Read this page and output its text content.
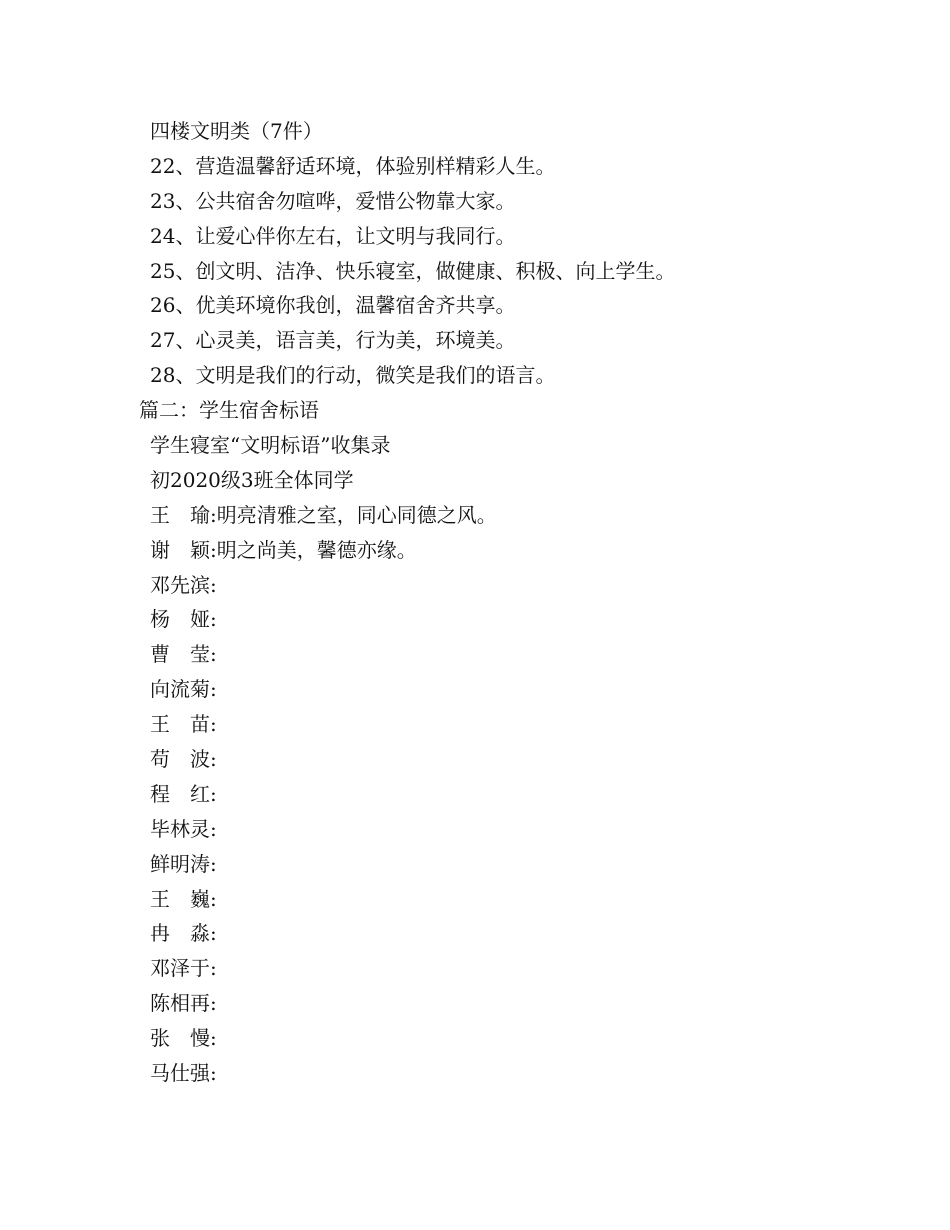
四楼文明类（7件）
22、营造温馨舒适环境，体验别样精彩人生。
23、公共宿舍勿喧哗，爱惜公物靠大家。
24、让爱心伴你左右，让文明与我同行。
25、创文明、洁净、快乐寝室，做健康、积极、向上学生。
26、优美环境你我创，温馨宿舍齐共享。
27、心灵美，语言美，行为美，环境美。
28、文明是我们的行动，微笑是我们的语言。
篇二：学生宿舍标语
学生寝室“文明标语”收集录
初2020级3班全体同学
王　瑜:明亮清雅之室，同心同德之风。
谢　颖:明之尚美，馨德亦缘。
邓先滨:
杨　娅:
曹　莹:
向流菊:
王　苗:
苟　波:
程　红:
毕林灵:
鲜明涛:
王　巍:
冉　淼:
邓泽于:
陈相再:
张　慢:
马仕强:
